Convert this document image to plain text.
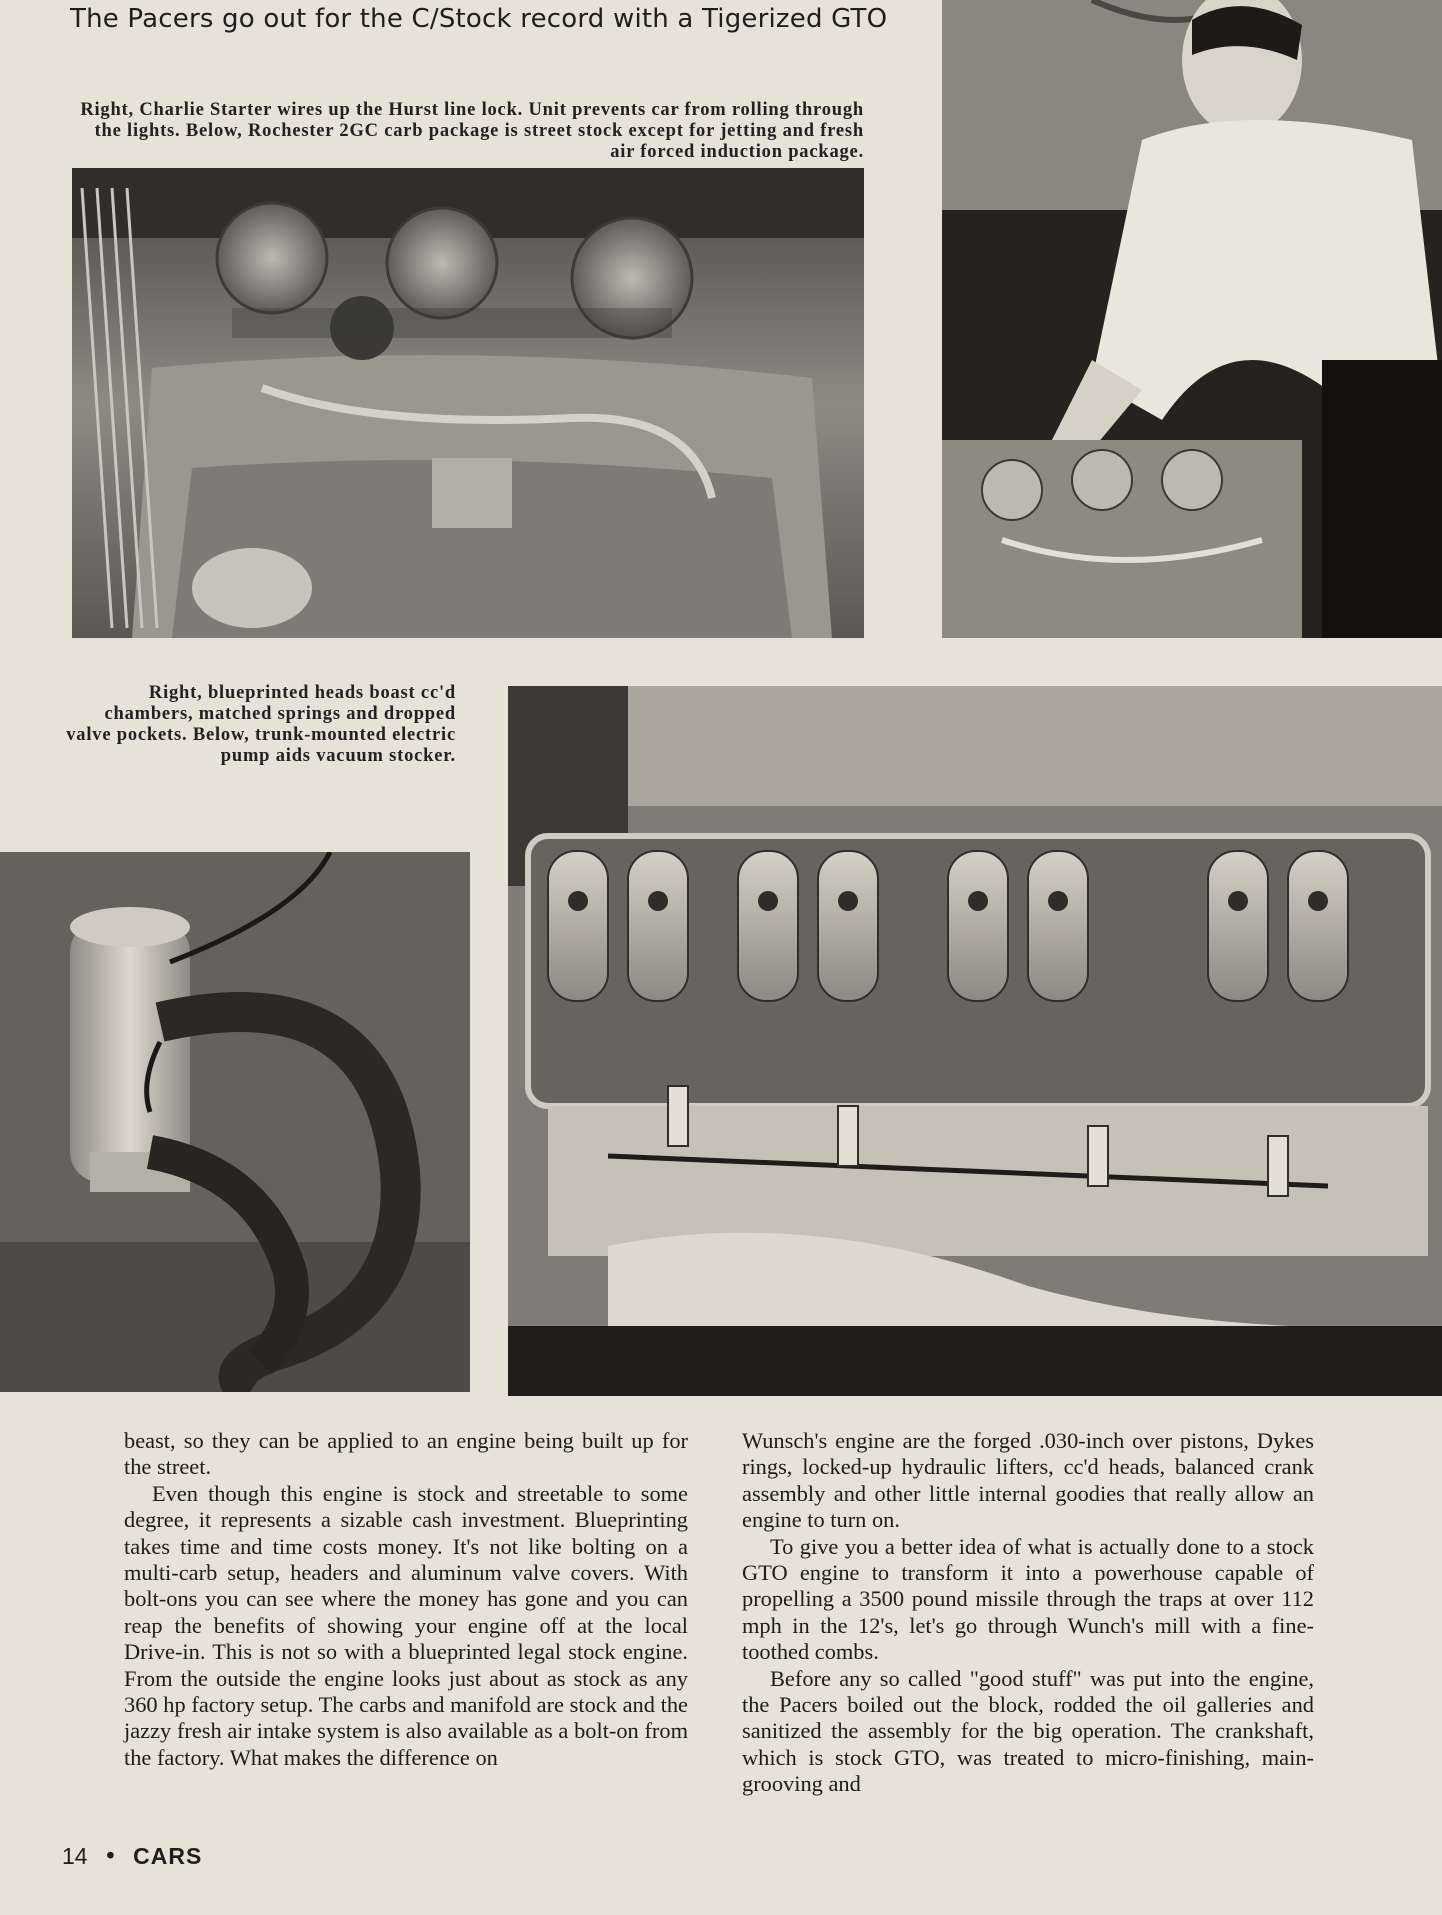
The Pacers go out for the C/Stock record with a Tigerized GTO
Right, Charlie Starter wires up the Hurst line lock. Unit prevents car from rolling through the lights. Below, Rochester 2GC carb package is street stock except for jetting and fresh air forced induction package.
Right, blueprinted heads boast cc'd chambers, matched springs and dropped valve pockets. Below, trunk-mounted electric pump aids vacuum stocker.

beast, so they can be applied to an engine being built up for the street.

Even though this engine is stock and streetable to some degree, it represents a sizable cash investment. Blueprinting takes time and time costs money. It's not like bolting on a multi-carb setup, headers and aluminum valve covers. With bolt-ons you can see where the money has gone and you can reap the benefits of showing your engine off at the local Drive-in. This is not so with a blueprinted legal stock engine. From the outside the engine looks just about as stock as any 360 hp factory setup. The carbs and manifold are stock and the jazzy fresh air intake system is also available as a bolt-on from the factory. What makes the difference on

Wunsch's engine are the forged .030-inch over pistons, Dykes rings, locked-up hydraulic lifters, cc'd heads, balanced crank assembly and other little internal goodies that really allow an engine to turn on.

To give you a better idea of what is actually done to a stock GTO engine to transform it into a powerhouse capable of propelling a 3500 pound missile through the traps at over 112 mph in the 12's, let's go through Wunch's mill with a fine-toothed combs.

Before any so called "good stuff" was put into the engine, the Pacers boiled out the block, rodded the oil galleries and sanitized the assembly for the big operation. The crankshaft, which is stock GTO, was treated to micro-finishing, main-grooving and

14 • CARS
